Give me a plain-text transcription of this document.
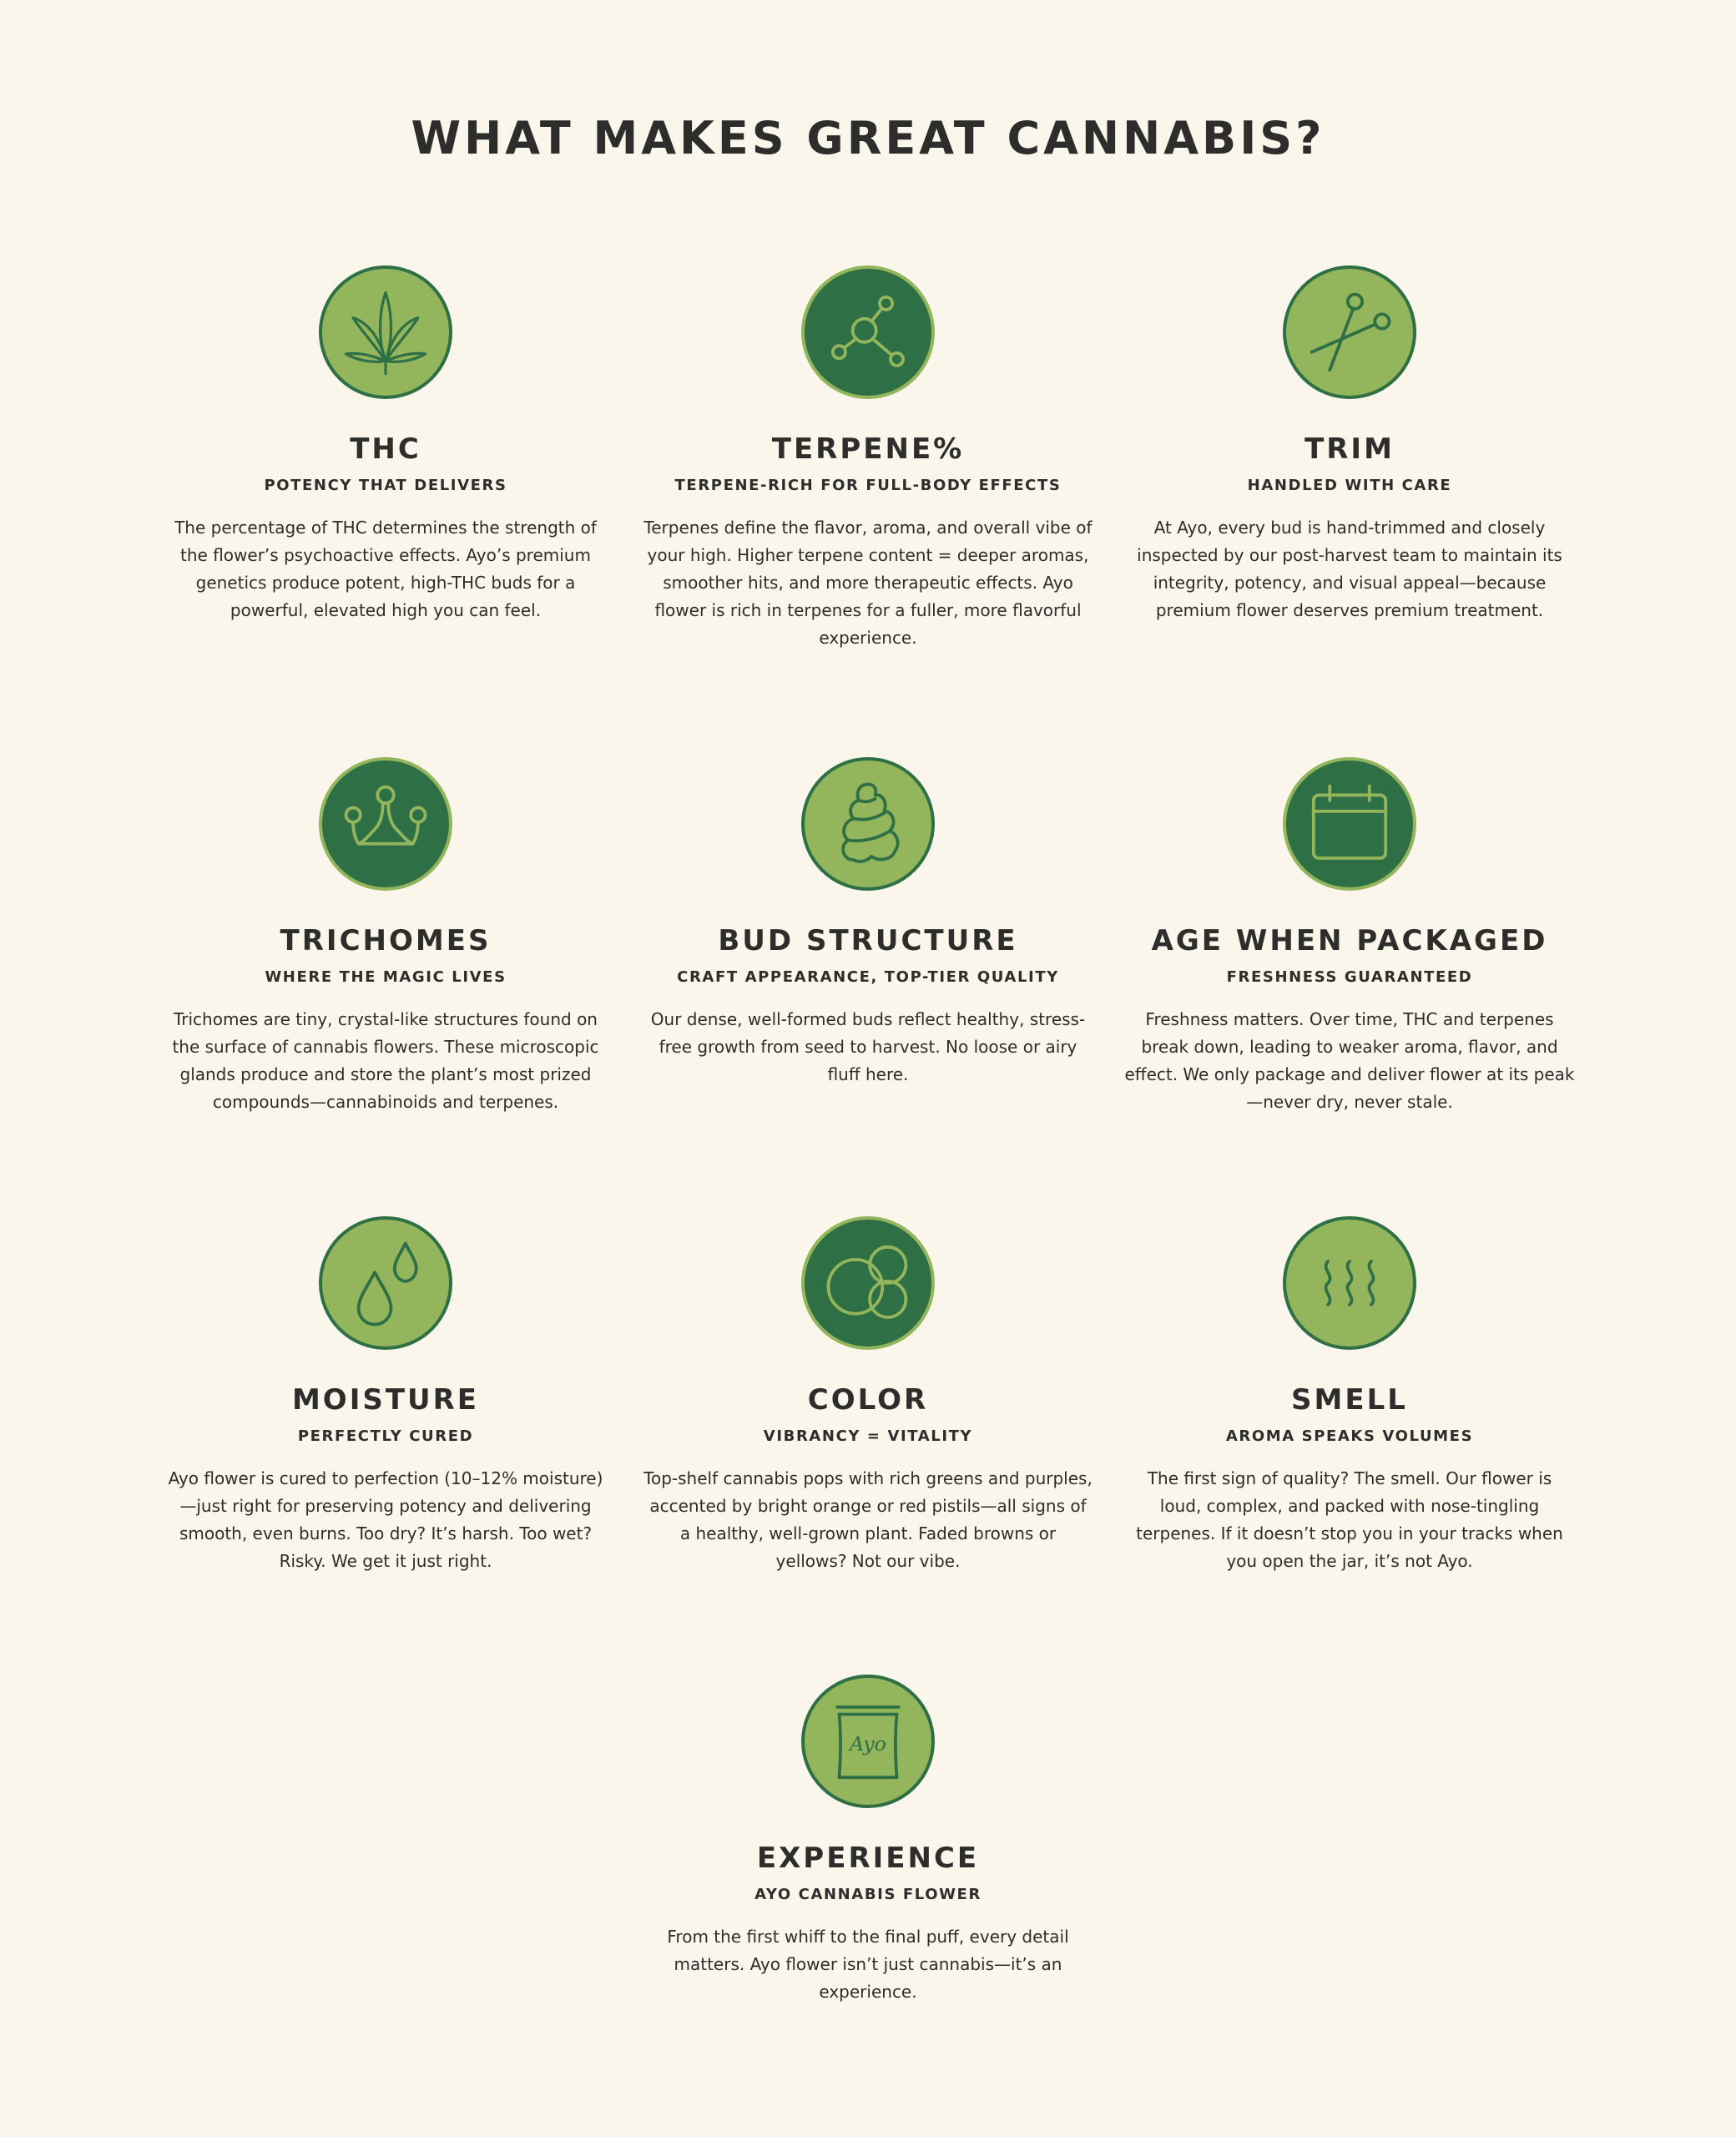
WHAT MAKES GREAT CANNABIS?
THC
POTENCY THAT DELIVERS

The percentage of THC determines the strength of the flower’s psychoactive effects. Ayo’s premium genetics produce potent, high-THC buds for a powerful, elevated high you can feel.

TERPENE%
TERPENE-RICH FOR FULL-BODY EFFECTS

Terpenes define the flavor, aroma, and overall vibe of your high. Higher terpene content = deeper aromas, smoother hits, and more therapeutic effects. Ayo flower is rich in terpenes for a fuller, more flavorful experience.

TRIM
HANDLED WITH CARE

At Ayo, every bud is hand-trimmed and closely inspected by our post-harvest team to maintain its integrity, potency, and visual appeal—because premium flower deserves premium treatment.

TRICHOMES
WHERE THE MAGIC LIVES

Trichomes are tiny, crystal-like structures found on the surface of cannabis flowers. These microscopic glands produce and store the plant’s most prized compounds—cannabinoids and terpenes.

BUD STRUCTURE
CRAFT APPEARANCE, TOP-TIER QUALITY

Our dense, well-formed buds reflect healthy, stress-free growth from seed to harvest. No loose or airy fluff here.

AGE WHEN PACKAGED
FRESHNESS GUARANTEED

Freshness matters. Over time, THC and terpenes break down, leading to weaker aroma, flavor, and effect. We only package and deliver flower at its peak—never dry, never stale.

MOISTURE
PERFECTLY CURED

Ayo flower is cured to perfection (10–12% moisture)—just right for preserving potency and delivering smooth, even burns. Too dry? It’s harsh. Too wet? Risky. We get it just right.

COLOR
VIBRANCY = VITALITY

Top-shelf cannabis pops with rich greens and purples, accented by bright orange or red pistils—all signs of a healthy, well-grown plant. Faded browns or yellows? Not our vibe.

SMELL
AROMA SPEAKS VOLUMES

The first sign of quality? The smell. Our flower is loud, complex, and packed with nose-tingling terpenes. If it doesn’t stop you in your tracks when you open the jar, it’s not Ayo.

Ayo
EXPERIENCE
AYO CANNABIS FLOWER

From the first whiff to the final puff, every detail matters. Ayo flower isn’t just cannabis—it’s an experience.
